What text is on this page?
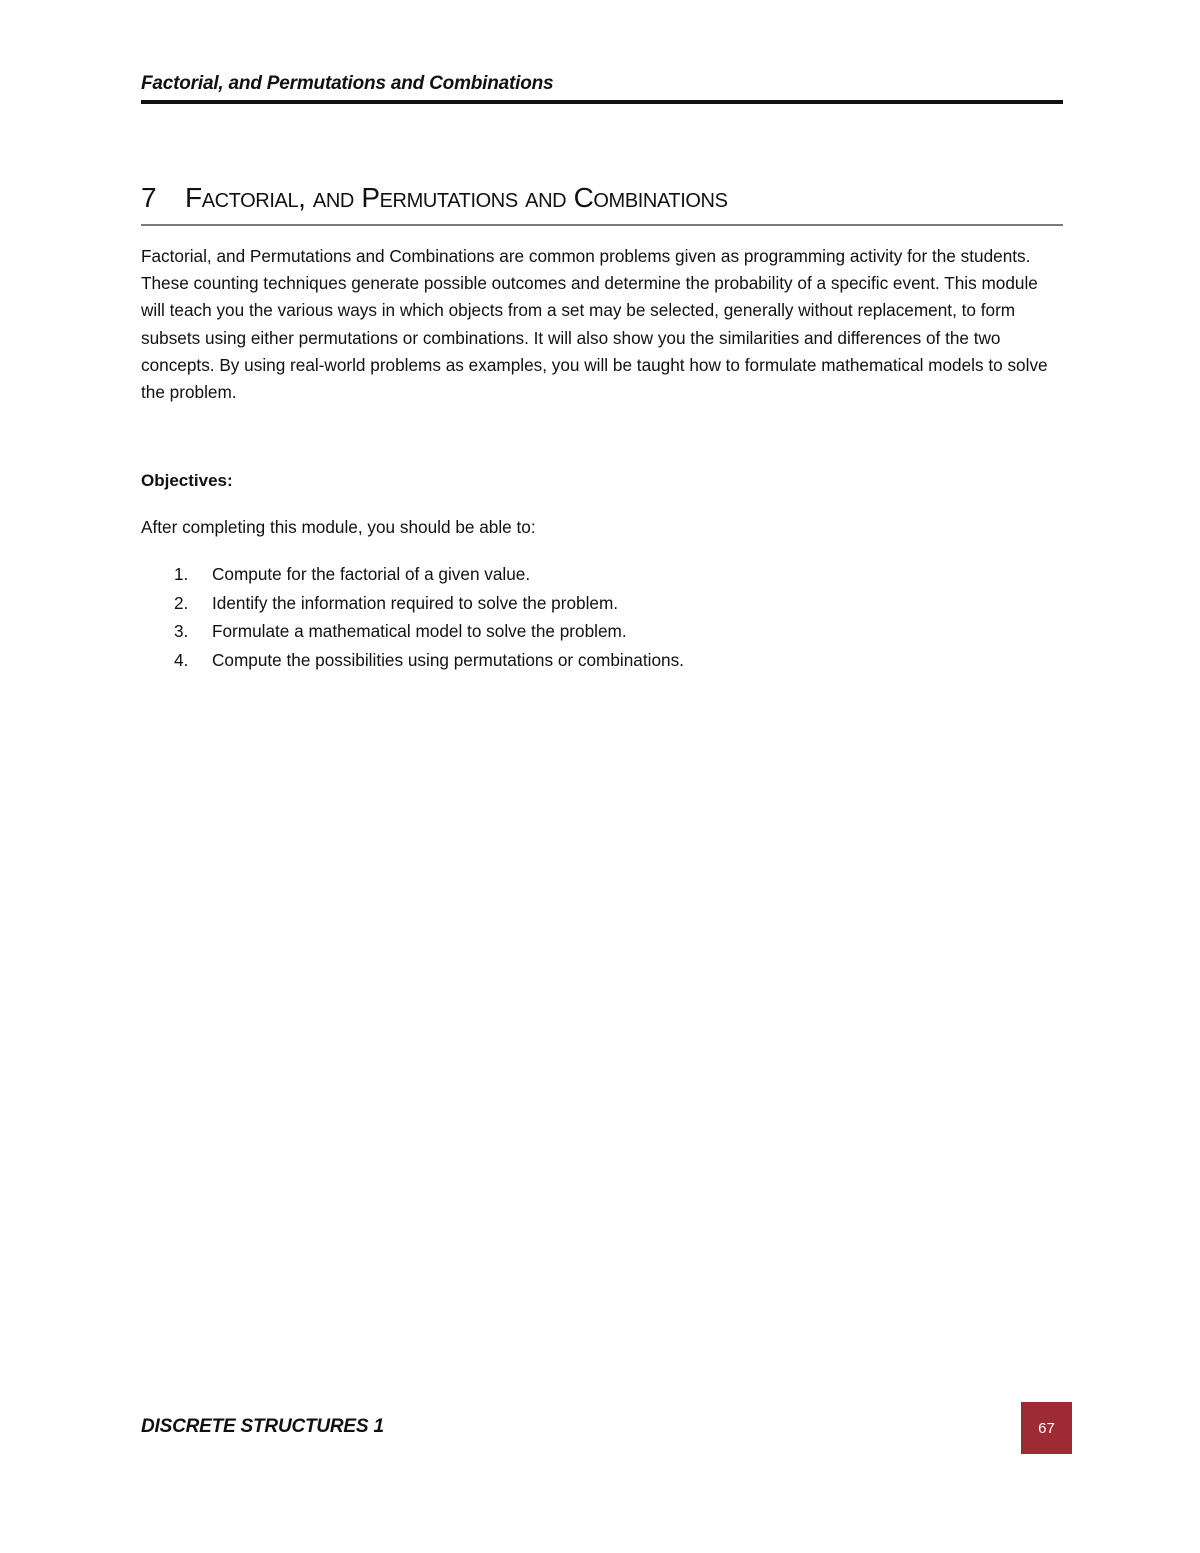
Factorial, and Permutations and Combinations
7 Factorial, and Permutations and Combinations

Factorial, and Permutations and Combinations are common problems given as programming activity for the students. These counting techniques generate possible outcomes and determine the probability of a specific event. This module will teach you the various ways in which objects from a set may be selected, generally without replacement, to form subsets using either permutations or combinations. It will also show you the similarities and differences of the two concepts. By using real-world problems as examples, you will be taught how to formulate mathematical models to solve the problem.

Objectives:

After completing this module, you should be able to:

1. Compute for the factorial of a given value.
2. Identify the information required to solve the problem.
3. Formulate a mathematical model to solve the problem.
4. Compute the possibilities using permutations or combinations.
DISCRETE STRUCTURES 1	67
